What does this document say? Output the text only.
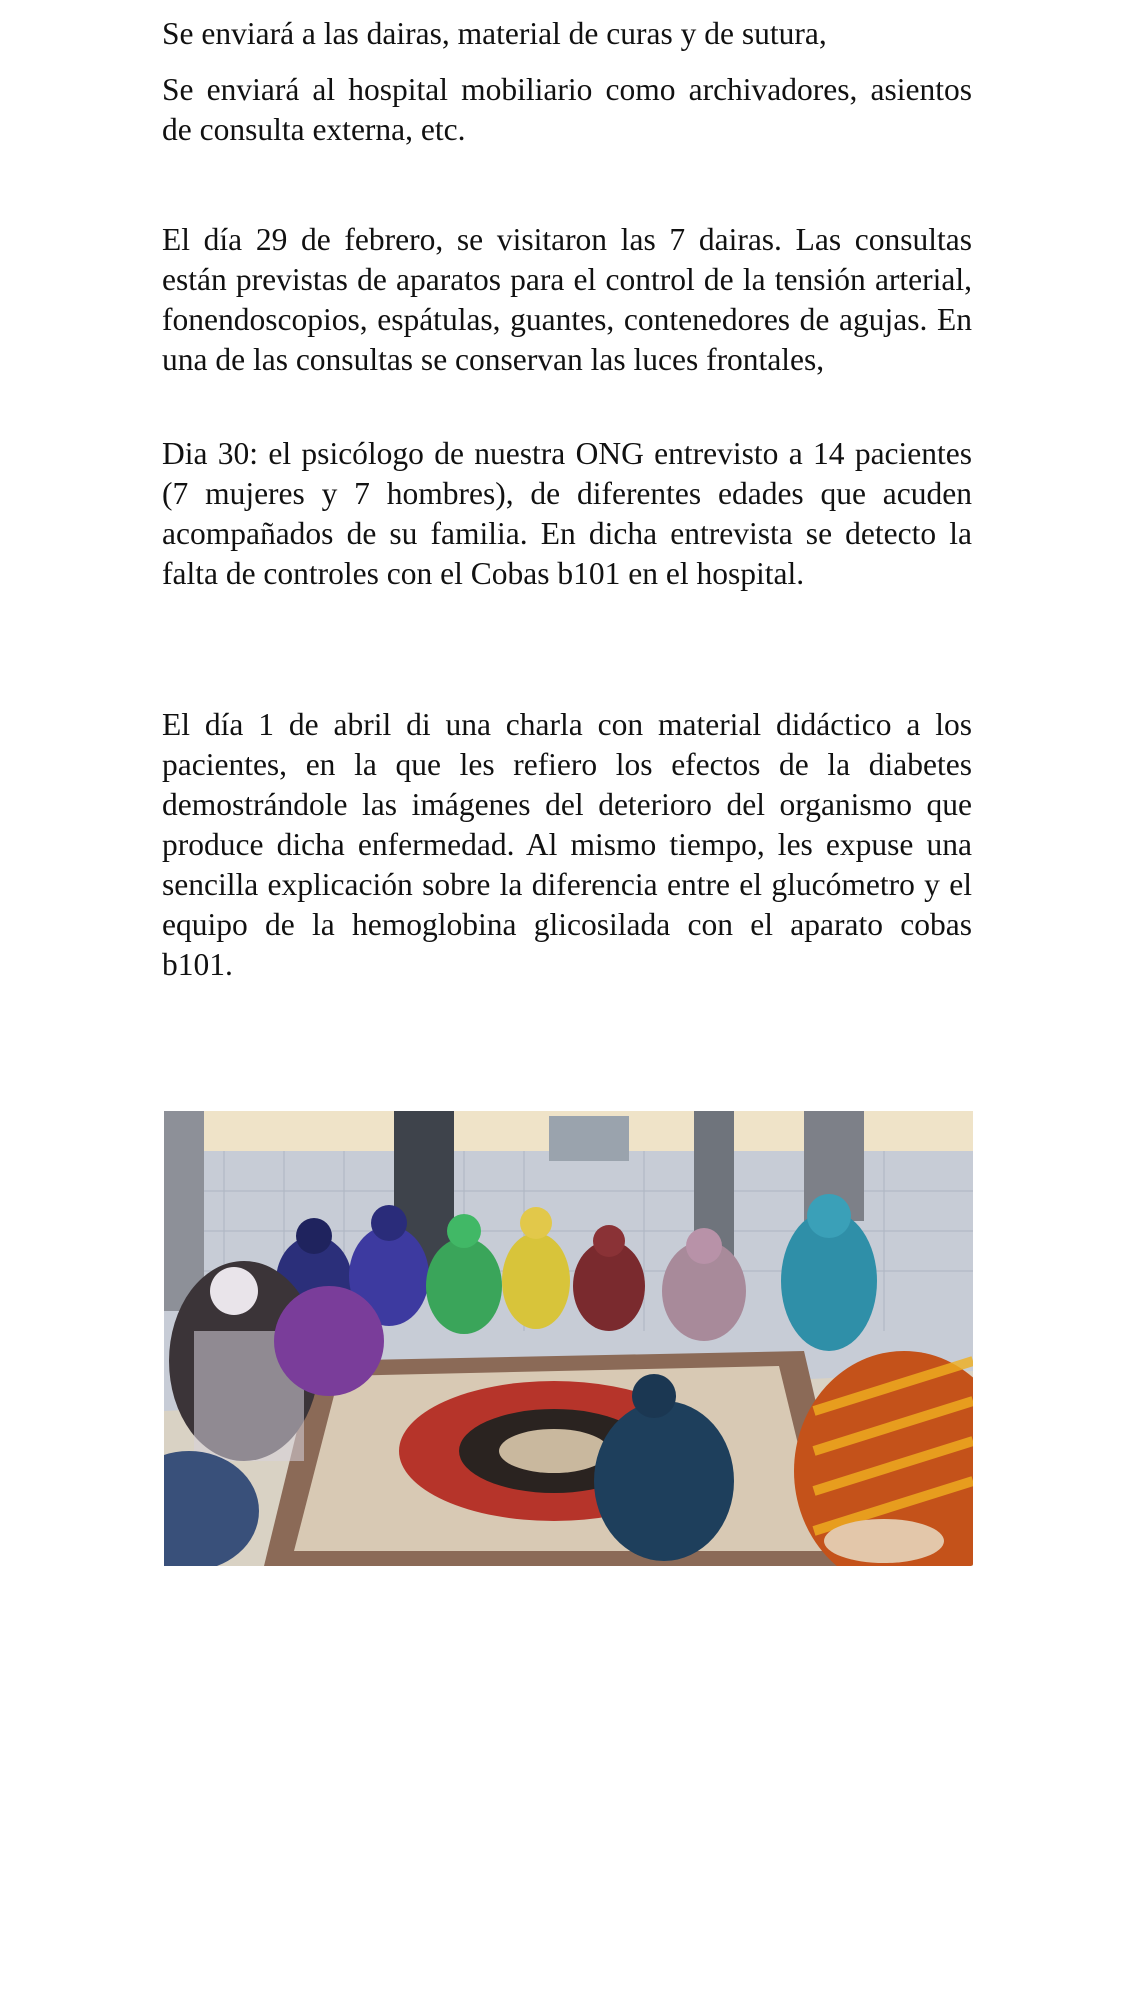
Se enviará a las dairas, material de curas y de sutura,

Se enviará al hospital mobiliario como archivadores, asientos de consulta externa, etc.

El día 29 de febrero, se visitaron las 7 dairas. Las consultas están previstas de aparatos para el control de la tensión arterial, fonendoscopios, espátulas, guantes, contenedores de agujas. En una de las consultas se conservan las luces frontales,

Dia 30: el psicólogo de nuestra ONG entrevisto a 14 pacientes (7 mujeres y 7 hombres), de diferentes edades que acuden acompañados de su familia. En dicha entrevista se detecto la falta de controles con el Cobas b101 en el hospital.

El día 1 de abril di una charla con material didáctico a los pacientes, en la que les refiero los efectos de la diabetes demostrándole las imágenes del deterioro del organismo que produce dicha enfermedad. Al mismo tiempo, les expuse una sencilla explicación sobre la diferencia entre el glucómetro y el equipo de la hemoglobina glicosilada con el aparato cobas b101.
